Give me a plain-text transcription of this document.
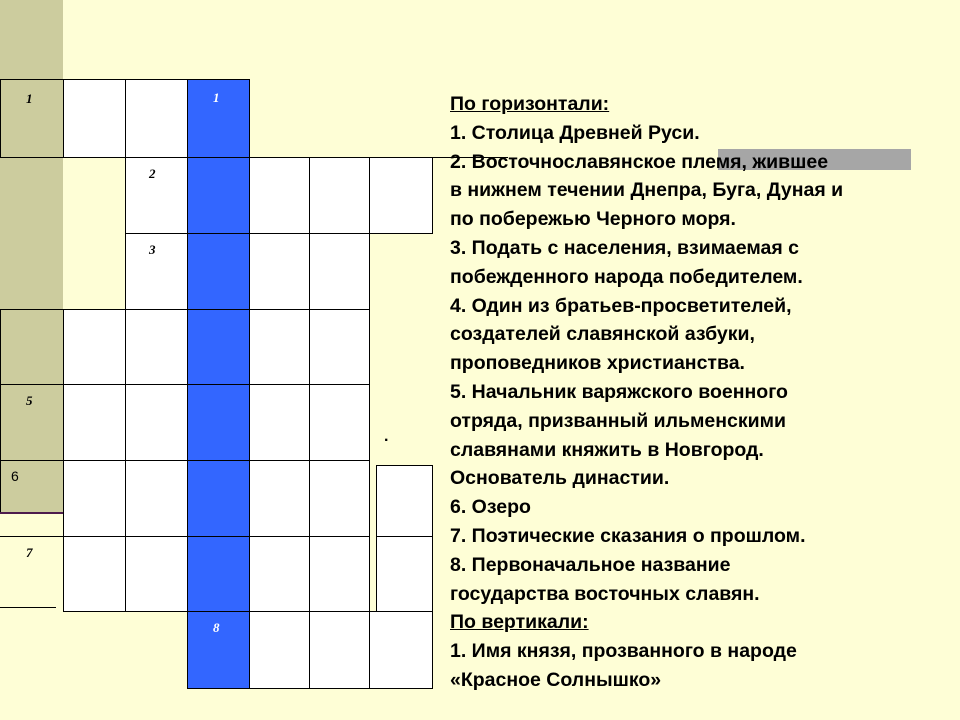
1	1
2
3
5
6
7
8
.

По горизонтали:

1. Столица Древней Руси.

2. Восточнославянское племя, жившее

в нижнем течении Днепра, Буга, Дуная и

по побережью Черного моря.

3. Подать с населения, взимаемая с

побежденного народа победителем.

4. Один из братьев-просветителей,

создателей славянской азбуки,

проповедников христианства.

5. Начальник варяжского военного

отряда, призванный ильменскими

славянами княжить в Новгород.

Основатель династии.

6. Озеро

7. Поэтические сказания о прошлом.

8. Первоначальное название

государства восточных славян.

По вертикали:

1. Имя князя, прозванного в народе

«Красное Солнышко»
